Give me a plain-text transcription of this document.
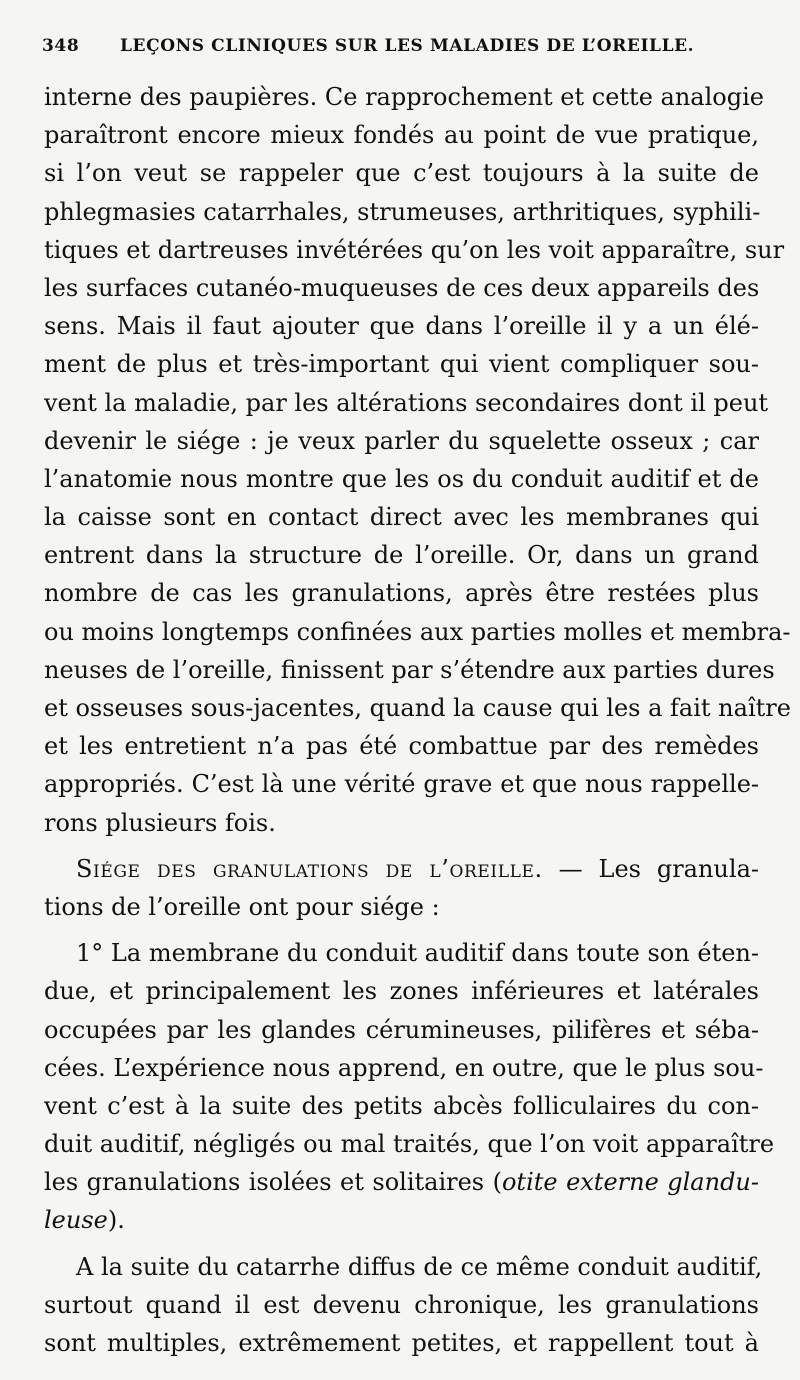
348 LEÇONS CLINIQUES SUR LES MALADIES DE L’OREILLE.
interne des paupières. Ce rapprochement et cette analogie
paraîtront encore mieux fondés au point de vue pratique,
si l’on veut se rappeler que c’est toujours à la suite de
phlegmasies catarrhales, strumeuses, arthritiques, syphili-
tiques et dartreuses invétérées qu’on les voit apparaître, sur
les surfaces cutanéo-muqueuses de ces deux appareils des
sens. Mais il faut ajouter que dans l’oreille il y a un élé-
ment de plus et très-important qui vient compliquer sou-
vent la maladie, par les altérations secondaires dont il peut
devenir le siége : je veux parler du squelette osseux ; car
l’anatomie nous montre que les os du conduit auditif et de
la caisse sont en contact direct avec les membranes qui
entrent dans la structure de l’oreille. Or, dans un grand
nombre de cas les granulations, après être restées plus
ou moins longtemps confinées aux parties molles et membra-
neuses de l’oreille, finissent par s’étendre aux parties dures
et osseuses sous-jacentes, quand la cause qui les a fait naître
et les entretient n’a pas été combattue par des remèdes
appropriés. C’est là une vérité grave et que nous rappelle-
rons plusieurs fois.
Siége des granulations de l’oreille. — Les granula-
tions de l’oreille ont pour siége :
1° La membrane du conduit auditif dans toute son éten-
due, et principalement les zones inférieures et latérales
occupées par les glandes cérumineuses, pilifères et séba-
cées. L’expérience nous apprend, en outre, que le plus sou-
vent c’est à la suite des petits abcès folliculaires du con-
duit auditif, négligés ou mal traités, que l’on voit apparaître
les granulations isolées et solitaires (otite externe glandu-
leuse).
A la suite du catarrhe diffus de ce même conduit auditif,
surtout quand il est devenu chronique, les granulations
sont multiples, extrêmement petites, et rappellent tout à
